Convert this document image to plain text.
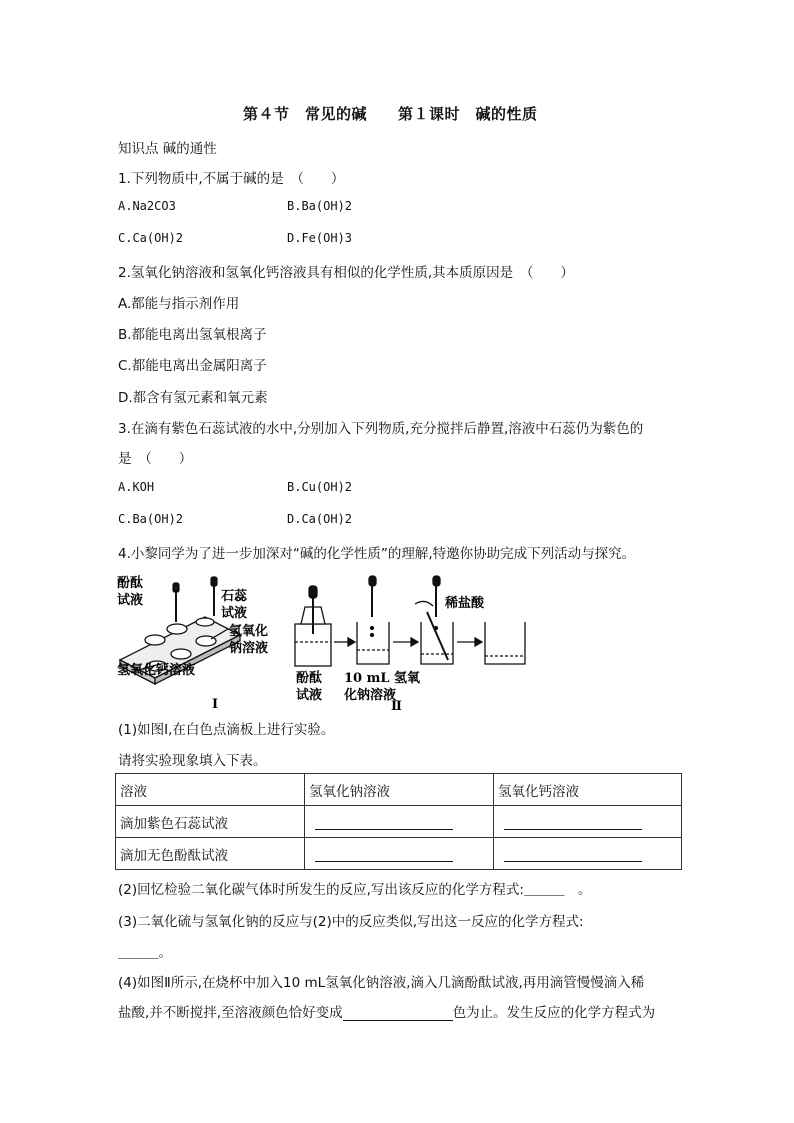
第４节　常见的碱　　第１课时　碱的性质
知识点 碱的通性
1.下列物质中,不属于碱的是　（　　）
A.Na2CO3	B.Ba(OH)2
C.Ca(OH)2	D.Fe(OH)3
2.氢氧化钠溶液和氢氧化钙溶液具有相似的化学性质,其本质原因是　（　　）
A.都能与指示剂作用
B.都能电离出氢氧根离子
C.都能电离出金属阳离子
D.都含有氢元素和氧元素
3.在滴有紫色石蕊试液的水中,分别加入下列物质,充分搅拌后静置,溶液中石蕊仍为紫色的
是　（　　）
A.KOH	B.Cu(OH)2
C.Ba(OH)2	D.Ca(OH)2
4.小黎同学为了进一步加深对“碱的化学性质”的理解,特邀你协助完成下列活动与探究。
酚酞
试液	石蕊
试液
氢氧化
钠溶液
氢氧化钙溶液
Ⅰ
稀盐酸
酚酞
试液
10 mL 氢氧
化钠溶液
Ⅱ
(1)如图Ⅰ,在白色点滴板上进行实验。
请将实验现象填入下表。
溶液	氢氧化钠溶液	氢氧化钙溶液
滴加紫色石蕊试液		
滴加无色酚酞试液		
(2)回忆检验二氧化碳气体时所发生的反应,写出该反应的化学方程式:＿＿＿　。
(3)二氧化硫与氢氧化钠的反应与(2)中的反应类似,写出这一反应的化学方程式:
＿＿＿。
(4)如图Ⅱ所示,在烧杯中加入10 mL氢氧化钠溶液,滴入几滴酚酞试液,再用滴管慢慢滴入稀
盐酸,并不断搅拌,至溶液颜色恰好变成	色为止。发生反应的化学方程式为
